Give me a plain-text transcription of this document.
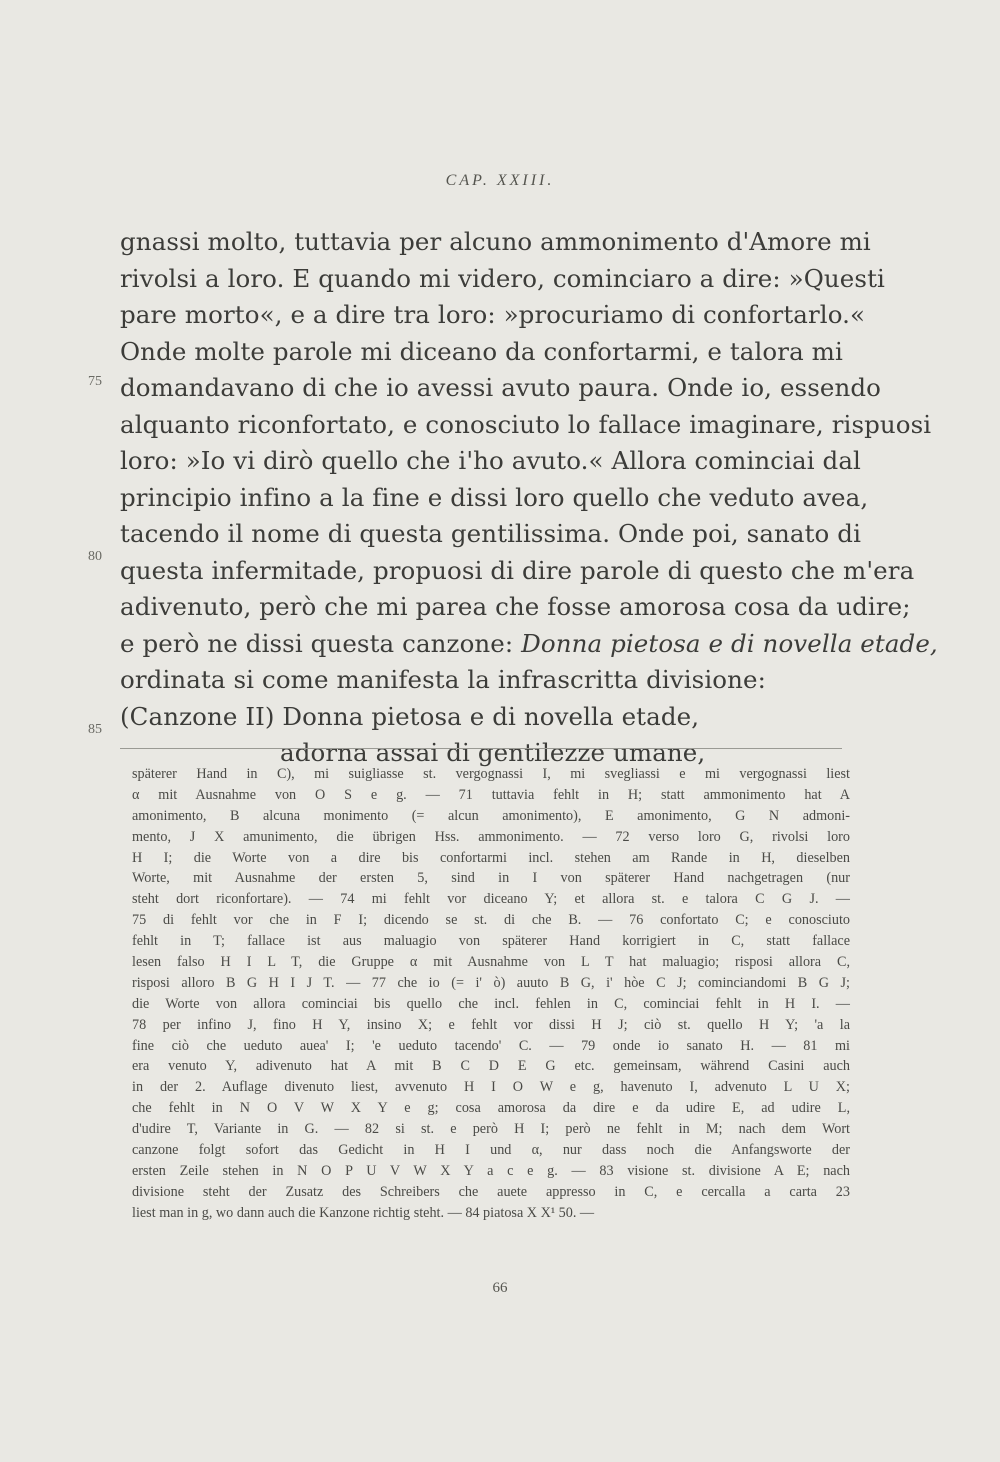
CAP. XXIII.
gnassi molto, tuttavia per alcuno ammonimento d'Amore mi
rivolsi a loro. E quando mi videro, cominciaro a dire: »Questi
pare morto«, e a dire tra loro: »procuriamo di confortarlo.«
Onde molte parole mi diceano da confortarmi, e talora mi
domandavano di che io avessi avuto paura. Onde io, essendo
alquanto riconfortato, e conosciuto lo fallace imaginare, rispuosi
loro: »Io vi dirò quello che i'ho avuto.« Allora cominciai dal
principio infino a la fine e dissi loro quello che veduto avea,
tacendo il nome di questa gentilissima. Onde poi, sanato di
questa infermitade, propuosi di dire parole di questo che m'era
adivenuto, però che mi parea che fosse amorosa cosa da udire;
e però ne dissi questa canzone: Donna pietosa e di novella etade,
ordinata si come manifesta la infrascritta divisione:
(Canzone II) Donna pietosa e di novella etade,
adorna assai di gentilezze umane,
75
80
85
späterer Hand in C), mi suigliasse st. vergognassi I, mi svegliassi e mi vergognassi liest
α mit Ausnahme von O S e g. — 71 tuttavia fehlt in H; statt ammonimento hat A
amonimento, B alcuna monimento (= alcun amonimento), E amonimento, G N admoni-
mento, J X amunimento, die übrigen Hss. ammonimento. — 72 verso loro G, rivolsi loro
H I; die Worte von a dire bis confortarmi incl. stehen am Rande in H, dieselben
Worte, mit Ausnahme der ersten 5, sind in I von späterer Hand nachgetragen (nur
steht dort riconfortare). — 74 mi fehlt vor diceano Y; et allora st. e talora C G J. —
75 di fehlt vor che in F I; dicendo se st. di che B. — 76 confortato C; e conosciuto
fehlt in T; fallace ist aus maluagio von späterer Hand korrigiert in C, statt fallace
lesen falso H I L T, die Gruppe α mit Ausnahme von L T hat maluagio; risposi allora C,
risposi alloro B G H I J T. — 77 che io (= i' ò) auuto B G, i' hòe C J; cominciandomi B G J;
die Worte von allora cominciai bis quello che incl. fehlen in C, cominciai fehlt in H I. —
78 per infino J, fino H Y, insino X; e fehlt vor dissi H J; ciò st. quello H Y; 'a la
fine ciò che ueduto auea' I; 'e ueduto tacendo' C. — 79 onde io sanato H. — 81 mi
era venuto Y, adivenuto hat A mit B C D E G etc. gemeinsam, während Casini auch
in der 2. Auflage divenuto liest, avvenuto H I O W e g, havenuto I, advenuto L U X;
che fehlt in N O V W X Y e g; cosa amorosa da dire e da udire E, ad udire L,
d'udire T, Variante in G. — 82 si st. e però H I; però ne fehlt in M; nach dem Wort
canzone folgt sofort das Gedicht in H I und α, nur dass noch die Anfangsworte der
ersten Zeile stehen in N O P U V W X Y a c e g. — 83 visione st. divisione A E; nach
divisione steht der Zusatz des Schreibers che auete appresso in C, e cercalla a carta 23
liest man in g, wo dann auch die Kanzone richtig steht. — 84 piatosa X X¹ 50. —
66
